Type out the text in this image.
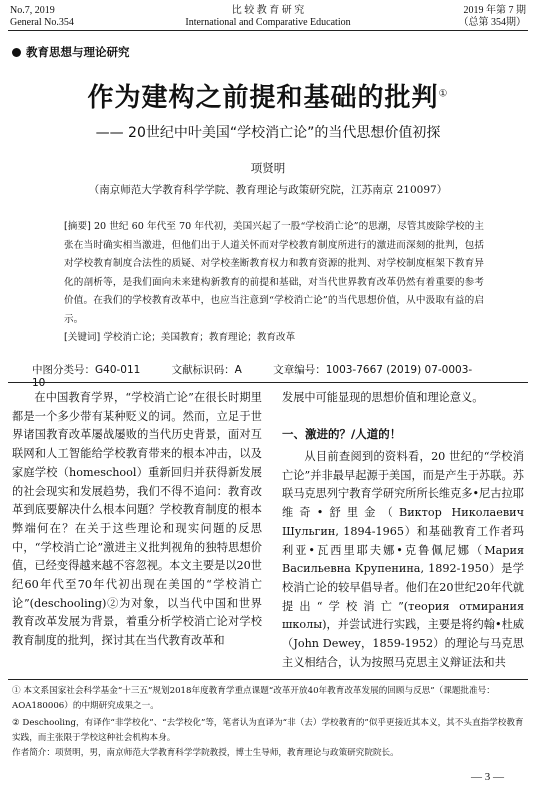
No.7, 2019
General No.354
比 较 教 育 研 究
International and Comparative Education
2019 年第 7 期
（总第 354期）
教育思想与理论研究
作为建构之前提和基础的批判①
—— 20世纪中叶美国“学校消亡论”的当代思想价值初探
项贤明
（南京师范大学教育科学学院、教育理论与政策研究院，江苏南京 210097）
[摘要] 20 世纪 60 年代至 70 年代初，美国兴起了一股“学校消亡论”的思潮，尽管其废除学校的主张在当时确实相当激进，但他们出于人道关怀而对学校教育制度所进行的激进而深刻的批判，包括对学校教育制度合法性的质疑、对学校垄断教育权力和教育资源的批判、对学校制度框架下教育异化的剖析等，是我们面向未来建构新教育的前提和基础，对当代世界教育改革仍然有着重要的参考价值。在我们的学校教育改革中，也应当注意到“学校消亡论”的当代思想价值，从中汲取有益的启示。
[关键词] 学校消亡论；美国教育；教育理论；教育改革
中图分类号：G40-011	文献标识码：A	文章编号：1003-7667 (2019) 07-0003-10
在中国教育学界，“学校消亡论”在很长时期里都是一个多少带有某种贬义的词。然而，立足于世界诸国教育改革屡战屡败的当代历史背景，面对互联网和人工智能给学校教育带来的根本冲击，以及家庭学校（homeschool）重新回归并获得新发展的社会现实和发展趋势，我们不得不追问：教育改革到底要解决什么根本问题？学校教育制度的根本弊端何在？在关于这些理论和现实问题的反思中，“学校消亡论”激进主义批判视角的独特思想价值，已经变得越来越不容忽视。本文主要是以20世纪60年代至70年代初出现在美国的“学校消亡论”(deschooling)②为对象，以当代中国和世界教育改革发展为背景，着重分析学校消亡论对学校教育制度的批判，探讨其在当代教育改革和
发展中可能显现的思想价值和理论意义。
一、激进的？/人道的！
从目前查阅到的资料看，20 世纪的“学校消亡论”并非最早起源于美国，而是产生于苏联。苏联马克思列宁教育学研究所所长维克多•尼古拉耶维奇•舒里金（Виктор Николаевич Шульгин, 1894-1965）和基础教育工作者玛利亚•瓦西里耶夫娜•克鲁佩尼娜（Мария Васильевна Крупенина, 1892-1950）是学校消亡论的较早倡导者。他们在20世纪20年代就提出“学校消亡”(теория отмирания школы)，并尝试进行实践，主要是将约翰•杜威（John Dewey，1859-1952）的理论与马克思主义相结合，认为按照马克思主义辩证法和共
① 本文系国家社会科学基金“十三五”规划2018年度教育学重点课题“改革开放40年教育改革发展的回顾与反思”（课题批准号：AOA180006）的中期研究成果之一。
② Deschooling，有译作“非学校化”、“去学校化”等，笔者认为直译为“非（去）学校教育的”似乎更接近其本义，其不头直指学校教育实践，而主张限于学校这种社会机构本身。
作者简介：项贤明，男，南京师范大学教育科学学院教授，博士生导师，教育理论与政策研究院院长。
— 3 —
